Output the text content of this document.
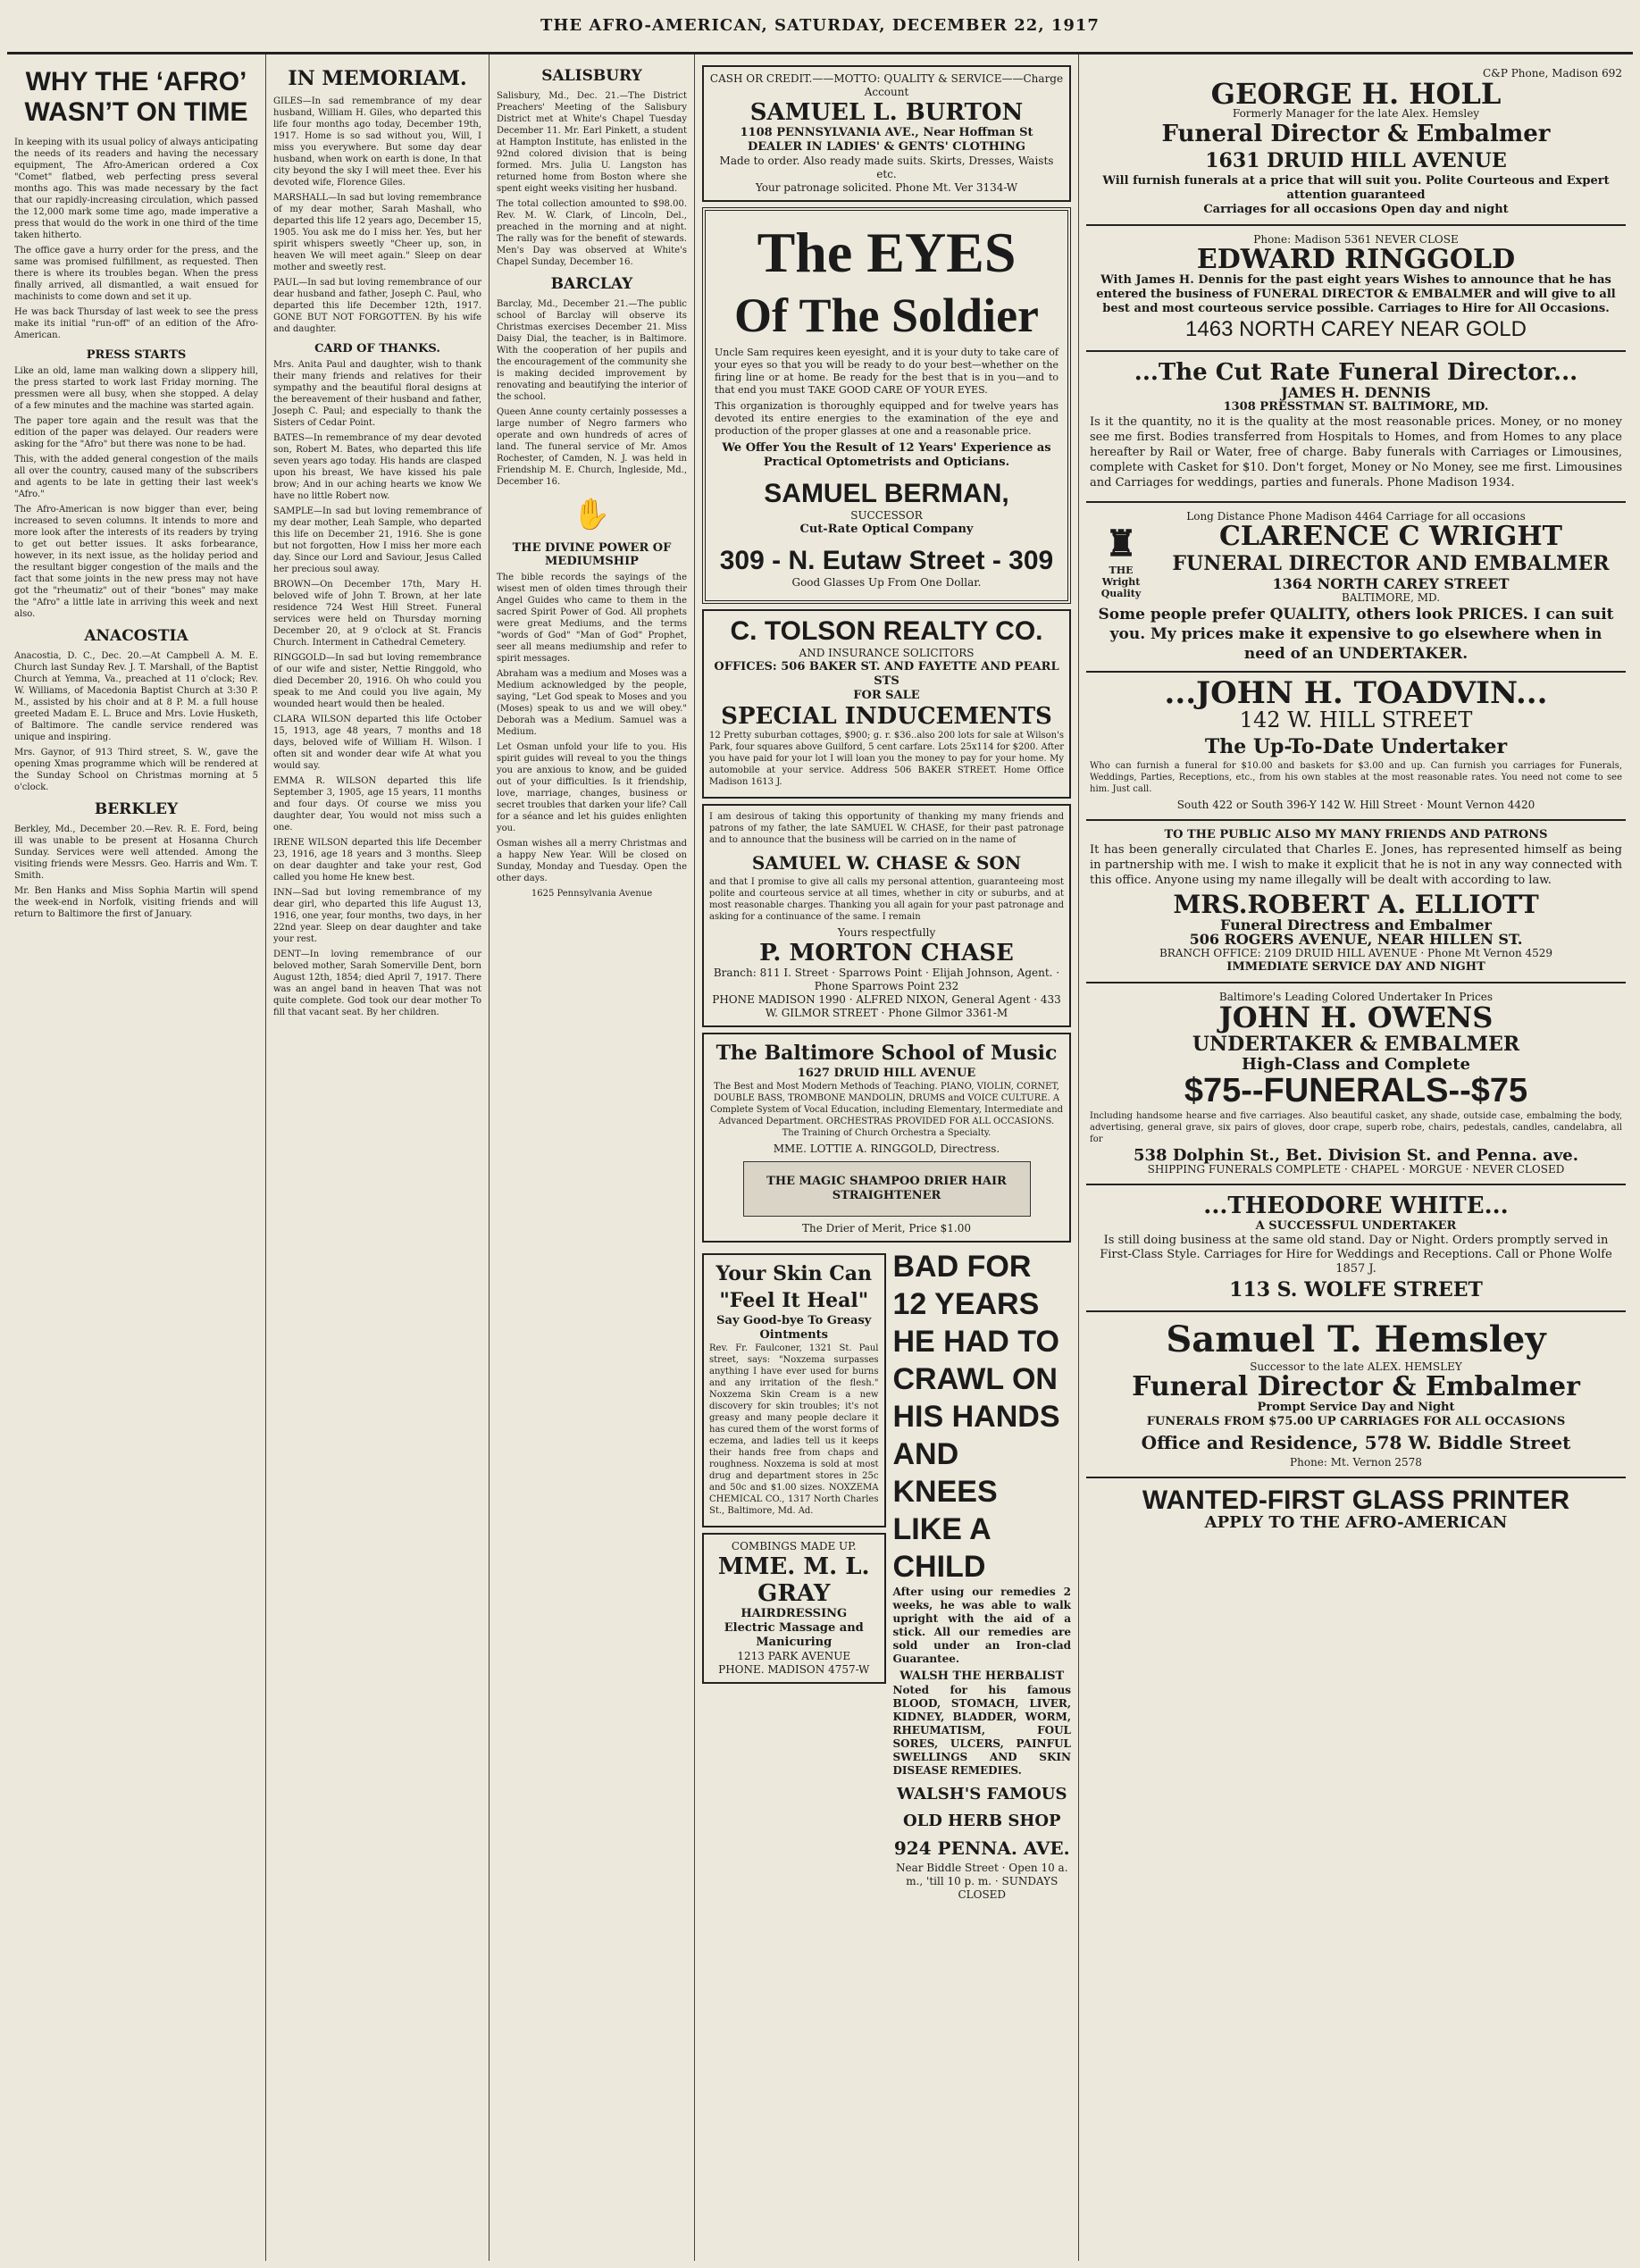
THE AFRO-AMERICAN, SATURDAY, DECEMBER 22, 1917
WHY THE ‘AFRO’ WASN’T ON TIME

In keeping with its usual policy of always anticipating the needs of its readers and having the necessary equipment, The Afro-American ordered a Cox "Comet" flatbed, web perfecting press several months ago. This was made necessary by the fact that our rapidly-increasing circulation, which passed the 12,000 mark some time ago, made imperative a press that would do the work in one third of the time taken hitherto.

The office gave a hurry order for the press, and the same was promised fulfillment, as requested. Then there is where its troubles began. When the press finally arrived, all dismantled, a wait ensued for machinists to come down and set it up.

He was back Thursday of last week to see the press make its initial "run-off" of an edition of the Afro-American.

PRESS STARTS

Like an old, lame man walking down a slippery hill, the press started to work last Friday morning. The pressmen were all busy, when she stopped. A delay of a few minutes and the machine was started again.

The paper tore again and the result was that the edition of the paper was delayed. Our readers were asking for the "Afro" but there was none to be had.

This, with the added general congestion of the mails all over the country, caused many of the subscribers and agents to be late in getting their last week's "Afro."

The Afro-American is now bigger than ever, being increased to seven columns. It intends to more and more look after the interests of its readers by trying to get out better issues. It asks forbearance, however, in its next issue, as the holiday period and the resultant bigger congestion of the mails and the fact that some joints in the new press may not have got the "rheumatiz" out of their "bones" may make the "Afro" a little late in arriving this week and next also.

ANACOSTIA

Anacostia, D. C., Dec. 20.—At Campbell A. M. E. Church last Sunday Rev. J. T. Marshall, of the Baptist Church at Yemma, Va., preached at 11 o'clock; Rev. W. Williams, of Macedonia Baptist Church at 3:30 P. M., assisted by his choir and at 8 P. M. a full house greeted Madam E. L. Bruce and Mrs. Lovie Husketh, of Baltimore. The candle service rendered was unique and inspiring.

Mrs. Gaynor, of 913 Third street, S. W., gave the opening Xmas programme which will be rendered at the Sunday School on Christmas morning at 5 o'clock.

BERKLEY

Berkley, Md., December 20.—Rev. R. E. Ford, being ill was unable to be present at Hosanna Church Sunday. Services were well attended. Among the visiting friends were Messrs. Geo. Harris and Wm. T. Smith.

Mr. Ben Hanks and Miss Sophia Martin will spend the week-end in Norfolk, visiting friends and will return to Baltimore the first of January.

IN MEMORIAM.

GILES—In sad remembrance of my dear husband, William H. Giles, who departed this life four months ago today, December 19th, 1917. Home is so sad without you, Will, I miss you everywhere. But some day dear husband, when work on earth is done, In that city beyond the sky I will meet thee. Ever his devoted wife, Florence Giles.

MARSHALL—In sad but loving remembrance of my dear mother, Sarah Mashall, who departed this life 12 years ago, December 15, 1905. You ask me do I miss her. Yes, but her spirit whispers sweetly "Cheer up, son, in heaven We will meet again." Sleep on dear mother and sweetly rest.

PAUL—In sad but loving remembrance of our dear husband and father, Joseph C. Paul, who departed this life December 12th, 1917. GONE BUT NOT FORGOTTEN. By his wife and daughter.

CARD OF THANKS.

Mrs. Anita Paul and daughter, wish to thank their many friends and relatives for their sympathy and the beautiful floral designs at the bereavement of their husband and father, Joseph C. Paul; and especially to thank the Sisters of Cedar Point.

BATES—In remembrance of my dear devoted son, Robert M. Bates, who departed this life seven years ago today. His hands are clasped upon his breast, We have kissed his pale brow; And in our aching hearts we know We have no little Robert now.

SAMPLE—In sad but loving remembrance of my dear mother, Leah Sample, who departed this life on December 21, 1916. She is gone but not forgotten, How I miss her more each day. Since our Lord and Saviour, Jesus Called her precious soul away.

BROWN—On December 17th, Mary H. beloved wife of John T. Brown, at her late residence 724 West Hill Street. Funeral services were held on Thursday morning December 20, at 9 o'clock at St. Francis Church. Interment in Cathedral Cemetery.

RINGGOLD—In sad but loving remembrance of our wife and sister, Nettie Ringgold, who died December 20, 1916. Oh who could you speak to me And could you live again, My wounded heart would then be healed.

CLARA WILSON departed this life October 15, 1913, age 48 years, 7 months and 18 days, beloved wife of William H. Wilson. I often sit and wonder dear wife At what you would say.

EMMA R. WILSON departed this life September 3, 1905, age 15 years, 11 months and four days. Of course we miss you daughter dear, You would not miss such a one.

IRENE WILSON departed this life December 23, 1916, age 18 years and 3 months. Sleep on dear daughter and take your rest, God called you home He knew best.

INN—Sad but loving remembrance of my dear girl, who departed this life August 13, 1916, one year, four months, two days, in her 22nd year. Sleep on dear daughter and take your rest.

DENT—In loving remembrance of our beloved mother, Sarah Somerville Dent, born August 12th, 1854; died April 7, 1917. There was an angel band in heaven That was not quite complete. God took our dear mother To fill that vacant seat. By her children.

SALISBURY

Salisbury, Md., Dec. 21.—The District Preachers' Meeting of the Salisbury District met at White's Chapel Tuesday December 11. Mr. Earl Pinkett, a student at Hampton Institute, has enlisted in the 92nd colored division that is being formed. Mrs. Julia U. Langston has returned home from Boston where she spent eight weeks visiting her husband.

The total collection amounted to $98.00. Rev. M. W. Clark, of Lincoln, Del., preached in the morning and at night. The rally was for the benefit of stewards. Men's Day was observed at White's Chapel Sunday, December 16.

BARCLAY

Barclay, Md., December 21.—The public school of Barclay will observe its Christmas exercises December 21. Miss Daisy Dial, the teacher, is in Baltimore. With the cooperation of her pupils and the encouragement of the community she is making decided improvement by renovating and beautifying the interior of the school.

Queen Anne county certainly possesses a large number of Negro farmers who operate and own hundreds of acres of land. The funeral service of Mr. Amos Rochester, of Camden, N. J. was held in Friendship M. E. Church, Ingleside, Md., December 16.

✋
THE DIVINE POWER OF MEDIUMSHIP

The bible records the sayings of the wisest men of olden times through their Angel Guides who came to them in the sacred Spirit Power of God. All prophets were great Mediums, and the terms "words of God" "Man of God" Prophet, seer all means mediumship and refer to spirit messages.

Abraham was a medium and Moses was a Medium acknowledged by the people, saying, "Let God speak to Moses and you (Moses) speak to us and we will obey." Deborah was a Medium. Samuel was a Medium.

Let Osman unfold your life to you. His spirit guides will reveal to you the things you are anxious to know, and be guided out of your difficulties. Is it friendship, love, marriage, changes, business or secret troubles that darken your life? Call for a séance and let his guides enlighten you.

Osman wishes all a merry Christmas and a happy New Year. Will be closed on Sunday, Monday and Tuesday. Open the other days.

1625 Pennsylvania Avenue

CASH OR CREDIT.——MOTTO: QUALITY & SERVICE——Charge Account
SAMUEL L. BURTON
1108 PENNSYLVANIA AVE., Near Hoffman St
DEALER IN LADIES' & GENTS' CLOTHING
Made to order. Also ready made suits. Skirts, Dresses, Waists etc.
Your patronage solicited. Phone Mt. Ver 3134-W
The EYES
Of The Soldier

Uncle Sam requires keen eyesight, and it is your duty to take care of your eyes so that you will be ready to do your best—whether on the firing line or at home. Be ready for the best that is in you—and to that end you must TAKE GOOD CARE OF YOUR EYES.

This organization is thoroughly equipped and for twelve years has devoted its entire energies to the examination of the eye and production of the proper glasses at one and a reasonable price.

We Offer You the Result of 12 Years' Experience as Practical Optometrists and Opticians.
SAMUEL BERMAN,
SUCCESSOR
Cut-Rate Optical Company
309 - N. Eutaw Street - 309
Good Glasses Up From One Dollar.
C. TOLSON REALTY CO.
AND INSURANCE SOLICITORS
OFFICES: 506 BAKER ST. AND FAYETTE AND PEARL STS
FOR SALE
SPECIAL INDUCEMENTS

12 Pretty suburban cottages, $900; g. r. $36..also 200 lots for sale at Wilson's Park, four squares above Guilford, 5 cent carfare. Lots 25x114 for $200. After you have paid for your lot I will loan you the money to pay for your home. My automobile at your service. Address 506 BAKER STREET. Home Office Madison 1613 J.

I am desirous of taking this opportunity of thanking my many friends and patrons of my father, the late SAMUEL W. CHASE, for their past patronage and to announce that the business will be carried on in the name of

SAMUEL W. CHASE & SON

and that I promise to give all calls my personal attention, guaranteeing most polite and courteous service at all times, whether in city or suburbs, and at most reasonable charges. Thanking you all again for your past patronage and asking for a continuance of the same. I remain

Yours respectfully
P. MORTON CHASE
Branch: 811 I. Street · Sparrows Point · Elijah Johnson, Agent. · Phone Sparrows Point 232
PHONE MADISON 1990 · ALFRED NIXON, General Agent · 433 W. GILMOR STREET · Phone Gilmor 3361-M
The Baltimore School of Music
1627 DRUID HILL AVENUE

The Best and Most Modern Methods of Teaching. PIANO, VIOLIN, CORNET, DOUBLE BASS, TROMBONE MANDOLIN, DRUMS and VOICE CULTURE. A Complete System of Vocal Education, including Elementary, Intermediate and Advanced Department. ORCHESTRAS PROVIDED FOR ALL OCCASIONS. The Training of Church Orchestra a Specialty.

MME. LOTTIE A. RINGGOLD, Directress.
THE MAGIC SHAMPOO DRIER HAIR STRAIGHTENER
The Drier of Merit, Price $1.00
Your Skin Can
"Feel It Heal"
Say Good-bye To Greasy Ointments

Rev. Fr. Faulconer, 1321 St. Paul street, says: "Noxzema surpasses anything I have ever used for burns and any irritation of the flesh." Noxzema Skin Cream is a new discovery for skin troubles; it's not greasy and many people declare it has cured them of the worst forms of eczema, and ladies tell us it keeps their hands free from chaps and roughness. Noxzema is sold at most drug and department stores in 25c and 50c and $1.00 sizes. NOXZEMA CHEMICAL CO., 1317 North Charles St., Baltimore, Md. Ad.

COMBINGS MADE UP.
MME. M. L. GRAY
HAIRDRESSING
Electric Massage and Manicuring
1213 PARK AVENUE
PHONE. MADISON 4757-W
BAD FOR 12 YEARS HE HAD TO CRAWL ON HIS HANDS AND KNEES LIKE A CHILD

After using our remedies 2 weeks, he was able to walk upright with the aid of a stick. All our remedies are sold under an Iron-clad Guarantee.

WALSH THE HERBALIST

Noted for his famous BLOOD, STOMACH, LIVER, KIDNEY, BLADDER, WORM, RHEUMATISM, FOUL SORES, ULCERS, PAINFUL SWELLINGS AND SKIN DISEASE REMEDIES.

WALSH'S FAMOUS OLD HERB SHOP
924 PENNA. AVE.
Near Biddle Street · Open 10 a. m., 'till 10 p. m. · SUNDAYS CLOSED
C&P Phone, Madison 692
GEORGE H. HOLL
Formerly Manager for the late Alex. Hemsley
Funeral Director & Embalmer
1631 DRUID HILL AVENUE
Will furnish funerals at a price that will suit you. Polite Courteous and Expert attention guaranteed
Carriages for all occasions Open day and night
Phone: Madison 5361 NEVER CLOSE
EDWARD RINGGOLD
With James H. Dennis for the past eight years Wishes to announce that he has entered the business of FUNERAL DIRECTOR & EMBALMER and will give to all best and most courteous service possible. Carriages to Hire for All Occasions.
1463 NORTH CAREY NEAR GOLD
...The Cut Rate Funeral Director...
JAMES H. DENNIS
1308 PRESSTMAN ST. BALTIMORE, MD.

Is it the quantity, no it is the quality at the most reasonable prices. Money, or no money see me first. Bodies transferred from Hospitals to Homes, and from Homes to any place hereafter by Rail or Water, free of charge. Baby funerals with Carriages or Limousines, complete with Casket for $10. Don't forget, Money or No Money, see me first. Limousines and Carriages for weddings, parties and funerals. Phone Madison 1934.

Long Distance Phone Madison 4464 Carriage for all occasions
♜
THE Wright Quality
CLARENCE C WRIGHT
FUNERAL DIRECTOR AND EMBALMER
1364 NORTH CAREY STREET
BALTIMORE, MD.
Some people prefer QUALITY, others look PRICES. I can suit you. My prices make it expensive to go elsewhere when in need of an UNDERTAKER.
...JOHN H. TOADVIN...
142 W. HILL STREET
The Up-To-Date Undertaker

Who can furnish a funeral for $10.00 and baskets for $3.00 and up. Can furnish you carriages for Funerals, Weddings, Parties, Receptions, etc., from his own stables at the most reasonable rates. You need not come to see him. Just call.

South 422 or South 396-Y 142 W. Hill Street · Mount Vernon 4420
TO THE PUBLIC ALSO MY MANY FRIENDS AND PATRONS

It has been generally circulated that Charles E. Jones, has represented himself as being in partnership with me. I wish to make it explicit that he is not in any way connected with this office. Anyone using my name illegally will be dealt with according to law.

MRS.ROBERT A. ELLIOTT
Funeral Directress and Embalmer
506 ROGERS AVENUE, NEAR HILLEN ST.
BRANCH OFFICE: 2109 DRUID HILL AVENUE · Phone Mt Vernon 4529
IMMEDIATE SERVICE DAY AND NIGHT
Baltimore's Leading Colored Undertaker In Prices
JOHN H. OWENS
UNDERTAKER & EMBALMER
High-Class and Complete
$75--FUNERALS--$75

Including handsome hearse and five carriages. Also beautiful casket, any shade, outside case, embalming the body, advertising, general grave, six pairs of gloves, door crape, superb robe, chairs, pedestals, candles, candelabra, all for

538 Dolphin St., Bet. Division St. and Penna. ave.
SHIPPING FUNERALS COMPLETE · CHAPEL · MORGUE · NEVER CLOSED
...THEODORE WHITE...
A SUCCESSFUL UNDERTAKER
Is still doing business at the same old stand. Day or Night. Orders promptly served in First-Class Style. Carriages for Hire for Weddings and Receptions. Call or Phone Wolfe 1857 J.
113 S. WOLFE STREET
Samuel T. Hemsley
Successor to the late ALEX. HEMSLEY
Funeral Director & Embalmer
Prompt Service Day and Night
FUNERALS FROM $75.00 UP CARRIAGES FOR ALL OCCASIONS
Office and Residence, 578 W. Biddle Street
Phone: Mt. Vernon 2578
WANTED-FIRST GLASS PRINTER
APPLY TO THE AFRO-AMERICAN
